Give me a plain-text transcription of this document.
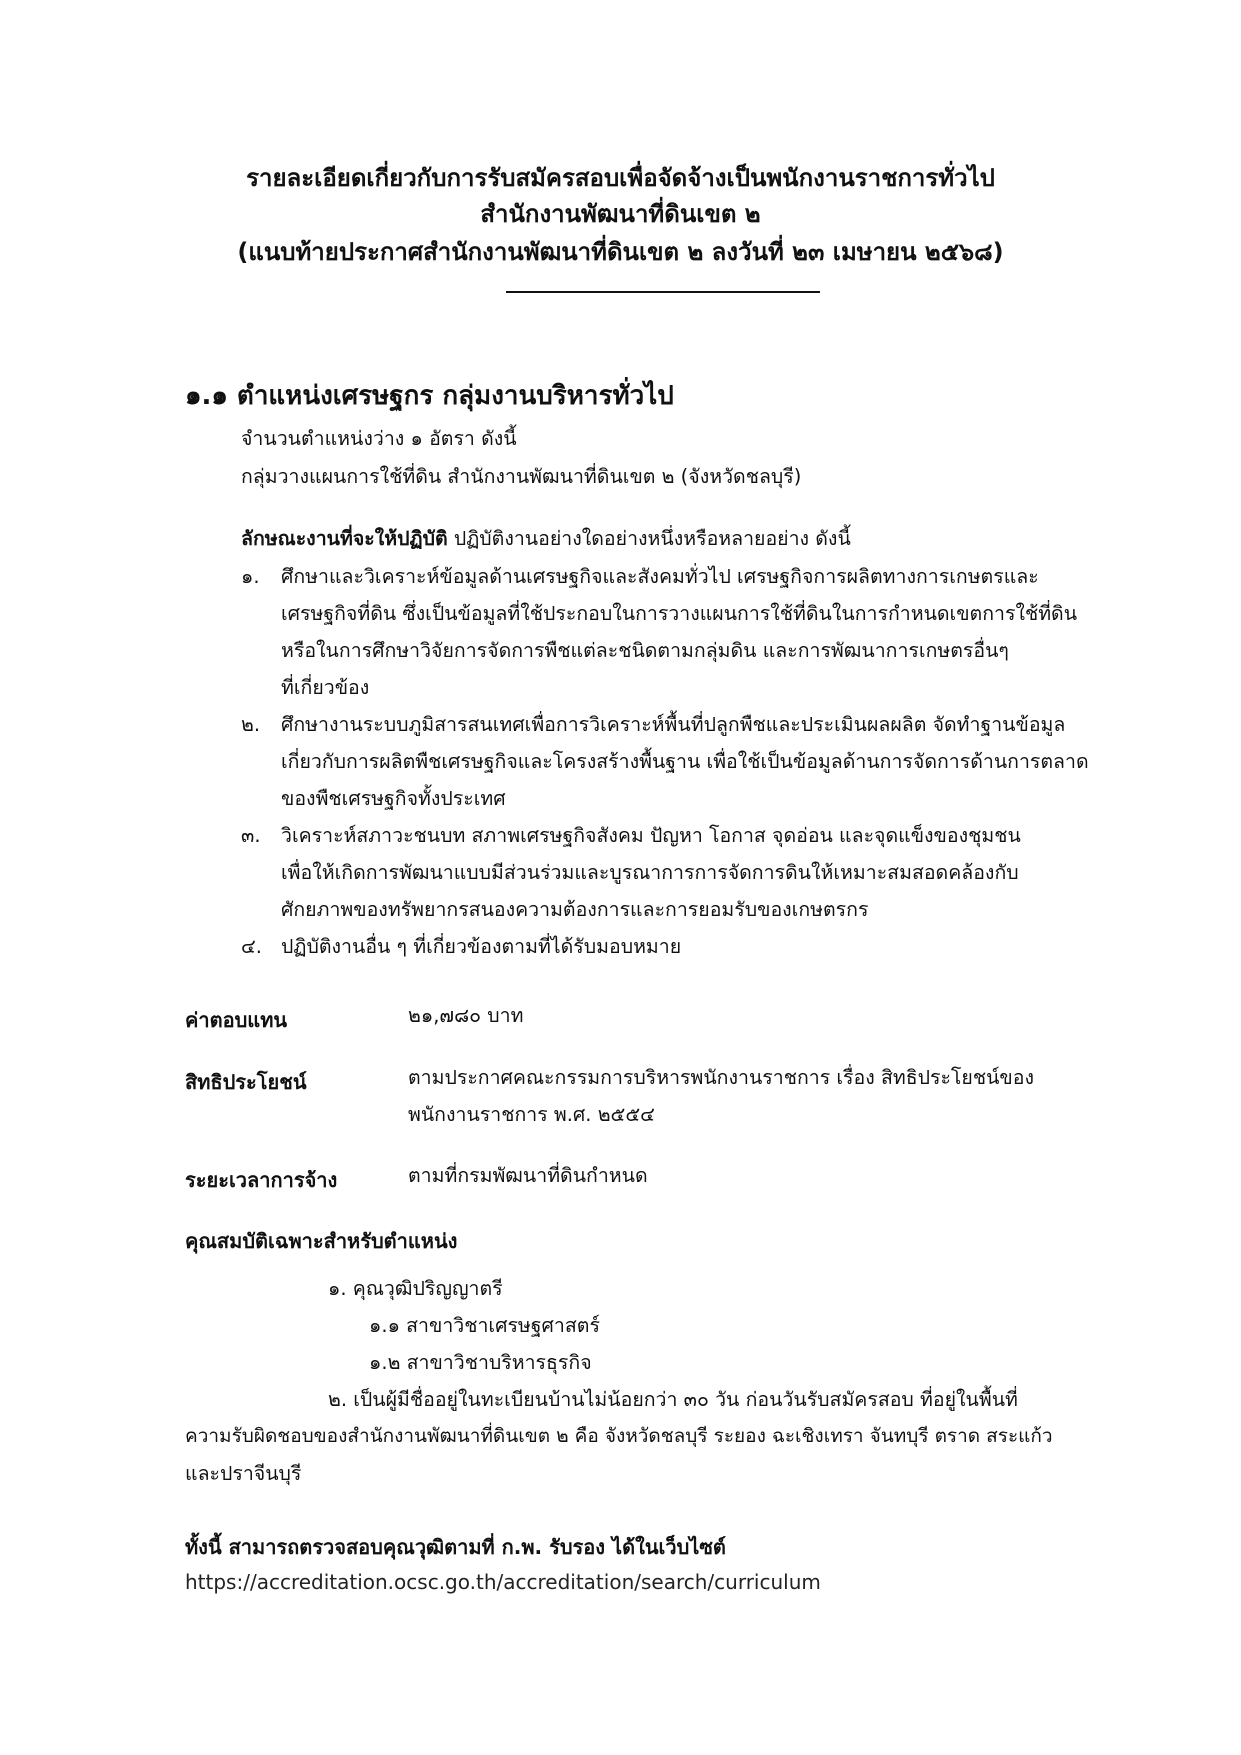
รายละเอียดเกี่ยวกับการรับสมัครสอบเพื่อจัดจ้างเป็นพนักงานราชการทั่วไป
สำนักงานพัฒนาที่ดินเขต ๒
(แนบท้ายประกาศสำนักงานพัฒนาที่ดินเขต ๒ ลงวันที่ ๒๓ เมษายน ๒๕๖๘)
๑.๑ ตำแหน่งเศรษฐกร กลุ่มงานบริหารทั่วไป
จำนวนตำแหน่งว่าง ๑ อัตรา ดังนี้
กลุ่มวางแผนการใช้ที่ดิน สำนักงานพัฒนาที่ดินเขต ๒ (จังหวัดชลบุรี)
ลักษณะงานที่จะให้ปฏิบัติ ปฏิบัติงานอย่างใดอย่างหนึ่งหรือหลายอย่าง ดังนี้
๑. ศึกษาและวิเคราะห์ข้อมูลด้านเศรษฐกิจและสังคมทั่วไป เศรษฐกิจการผลิตทางการเกษตรและ
เศรษฐกิจที่ดิน ซึ่งเป็นข้อมูลที่ใช้ประกอบในการวางแผนการใช้ที่ดินในการกำหนดเขตการใช้ที่ดิน
หรือในการศึกษาวิจัยการจัดการพืชแต่ละชนิดตามกลุ่มดิน และการพัฒนาการเกษตรอื่นๆ
ที่เกี่ยวข้อง
๒. ศึกษางานระบบภูมิสารสนเทศเพื่อการวิเคราะห์พื้นที่ปลูกพืชและประเมินผลผลิต จัดทำฐานข้อมูล
เกี่ยวกับการผลิตพืชเศรษฐกิจและโครงสร้างพื้นฐาน เพื่อใช้เป็นข้อมูลด้านการจัดการด้านการตลาด
ของพืชเศรษฐกิจทั้งประเทศ
๓. วิเคราะห์สภาวะชนบท สภาพเศรษฐกิจสังคม ปัญหา โอกาส จุดอ่อน และจุดแข็งของชุมชน
เพื่อให้เกิดการพัฒนาแบบมีส่วนร่วมและบูรณาการการจัดการดินให้เหมาะสมสอดคล้องกับ
ศักยภาพของทรัพยากรสนองความต้องการและการยอมรับของเกษตรกร
๔. ปฏิบัติงานอื่น ๆ ที่เกี่ยวข้องตามที่ได้รับมอบหมาย
ค่าตอบแทน	๒๑,๗๘๐ บาท
สิทธิประโยชน์	ตามประกาศคณะกรรมการบริหารพนักงานราชการ เรื่อง สิทธิประโยชน์ของ
พนักงานราชการ พ.ศ. ๒๕๕๔
ระยะเวลาการจ้าง	ตามที่กรมพัฒนาที่ดินกำหนด
คุณสมบัติเฉพาะสำหรับตำแหน่ง
๑. คุณวุฒิปริญญาตรี
๑.๑ สาขาวิชาเศรษฐศาสตร์
๑.๒ สาขาวิชาบริหารธุรกิจ
๒. เป็นผู้มีชื่ออยู่ในทะเบียนบ้านไม่น้อยกว่า ๓๐ วัน ก่อนวันรับสมัครสอบ ที่อยู่ในพื้นที่
ความรับผิดชอบของสำนักงานพัฒนาที่ดินเขต ๒ คือ จังหวัดชลบุรี ระยอง ฉะเชิงเทรา จันทบุรี ตราด สระแก้ว
และปราจีนบุรี
ทั้งนี้ สามารถตรวจสอบคุณวุฒิตามที่ ก.พ. รับรอง ได้ในเว็บไซต์
https://accreditation.ocsc.go.th/accreditation/search/curriculum
